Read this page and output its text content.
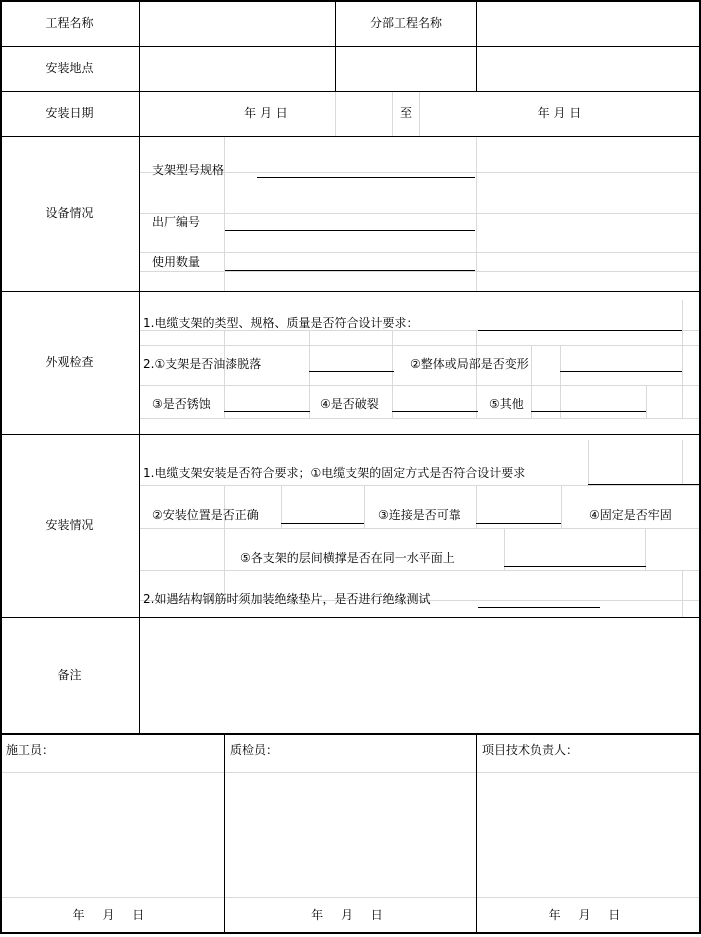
工程名称	分部工程名称
安装地点
安装日期	年 月 日	至	年 月 日
设备情况
支架型号规格
出厂编号
使用数量
外观检查
1.电缆支架的类型、规格、质量是否符合设计要求：
2.①支架是否油漆脱落	②整体或局部是否变形
③是否锈蚀	④是否破裂	⑤其他
安装情况
1.电缆支架安装是否符合要求；①电缆支架的固定方式是否符合设计要求
②安装位置是否正确	③连接是否可靠	④固定是否牢固
⑤各支架的层间横撑是否在同一水平面上
2.如遇结构钢筋时须加装绝缘垫片，是否进行绝缘测试
备注
施工员：
年 月 日
质检员：
年 月 日
项目技术负责人：
年 月 日
